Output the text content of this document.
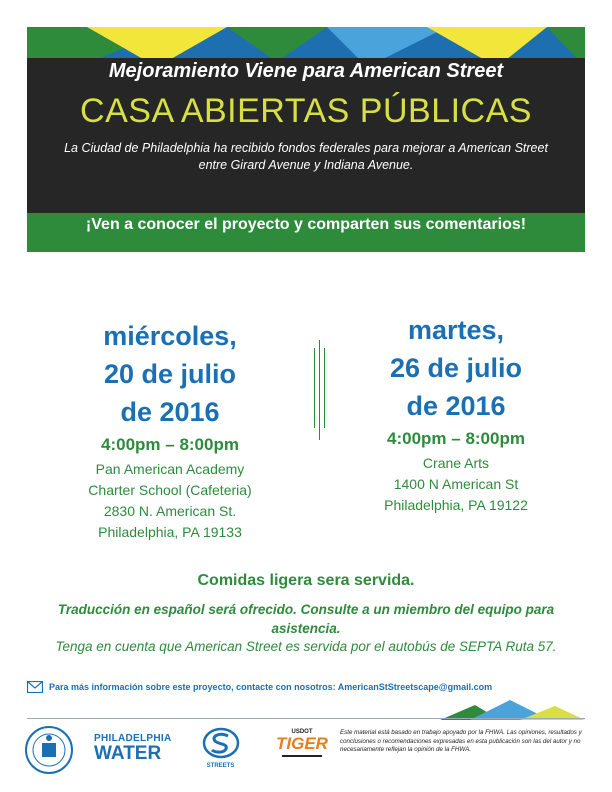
Mejoramiento Viene para American Street
CASA ABIERTAS PÚBLICAS
La Ciudad de Philadelphia ha recibido fondos federales para mejorar a American Street entre Girard Avenue y Indiana Avenue.
¡Ven a conocer el proyecto y comparten sus comentarios!
miércoles,
20 de julio
de 2016
4:00pm – 8:00pm
Pan American Academy
Charter School (Cafeteria)
2830 N. American St.
Philadelphia, PA 19133
martes,
26 de julio
de 2016
4:00pm – 8:00pm
Crane Arts
1400 N American St
Philadelphia, PA 19122
Comidas ligera sera servida.
Traducción en español será ofrecido. Consulte a un miembro del equipo para asistencia.
Tenga en cuenta que American Street es servida por el autobús de SEPTA Ruta 57.
Para más información sobre este proyecto, contacte con nosotros: AmericanStStreetscape@gmail.com
PHILADELPHIA
WATER
STREETS
USDOT
TIGER
Este material está basado en trabajo apoyado por la FHWA. Las opiniones, resultados y conclusiones o recomendaciones expresadas en esta publicación son las del autor y no necesariamente reflejan la opinión de la FHWA.
